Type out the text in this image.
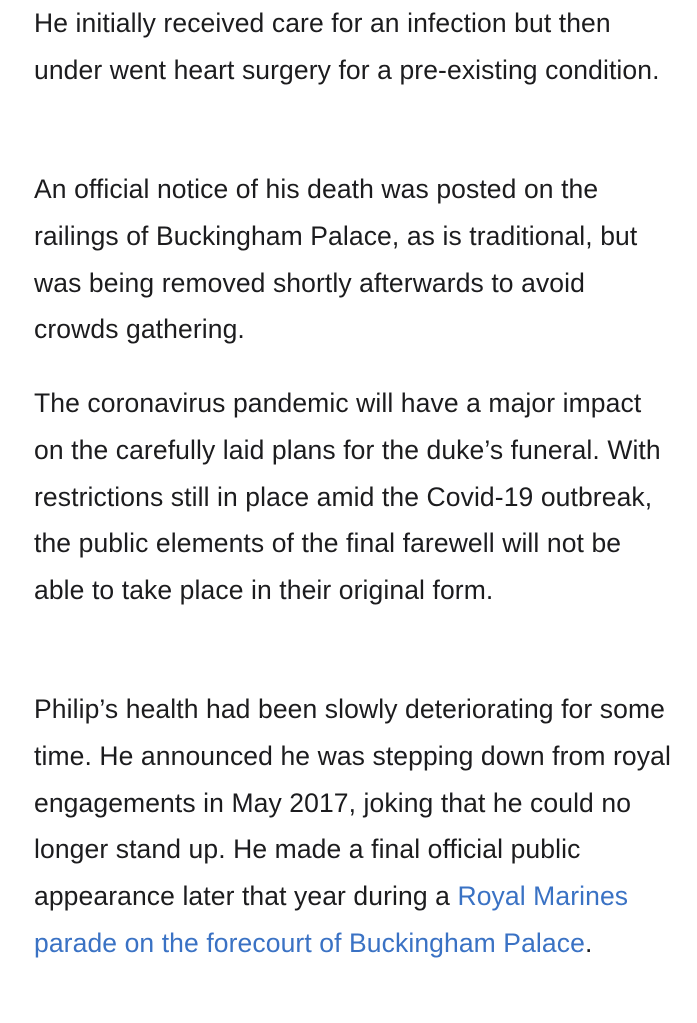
He initially received care for an infection but then under went heart surgery for a pre-existing condition.
An official notice of his death was posted on the railings of Buckingham Palace, as is traditional, but was being removed shortly afterwards to avoid crowds gathering.
The coronavirus pandemic will have a major impact on the carefully laid plans for the duke’s funeral. With restrictions still in place amid the Covid-19 outbreak, the public elements of the final farewell will not be able to take place in their original form.
Philip’s health had been slowly deteriorating for some time. He announced he was stepping down from royal engagements in May 2017, joking that he could no longer stand up. He made a final official public appearance later that year during a Royal Marines parade on the forecourt of Buckingham Palace.
